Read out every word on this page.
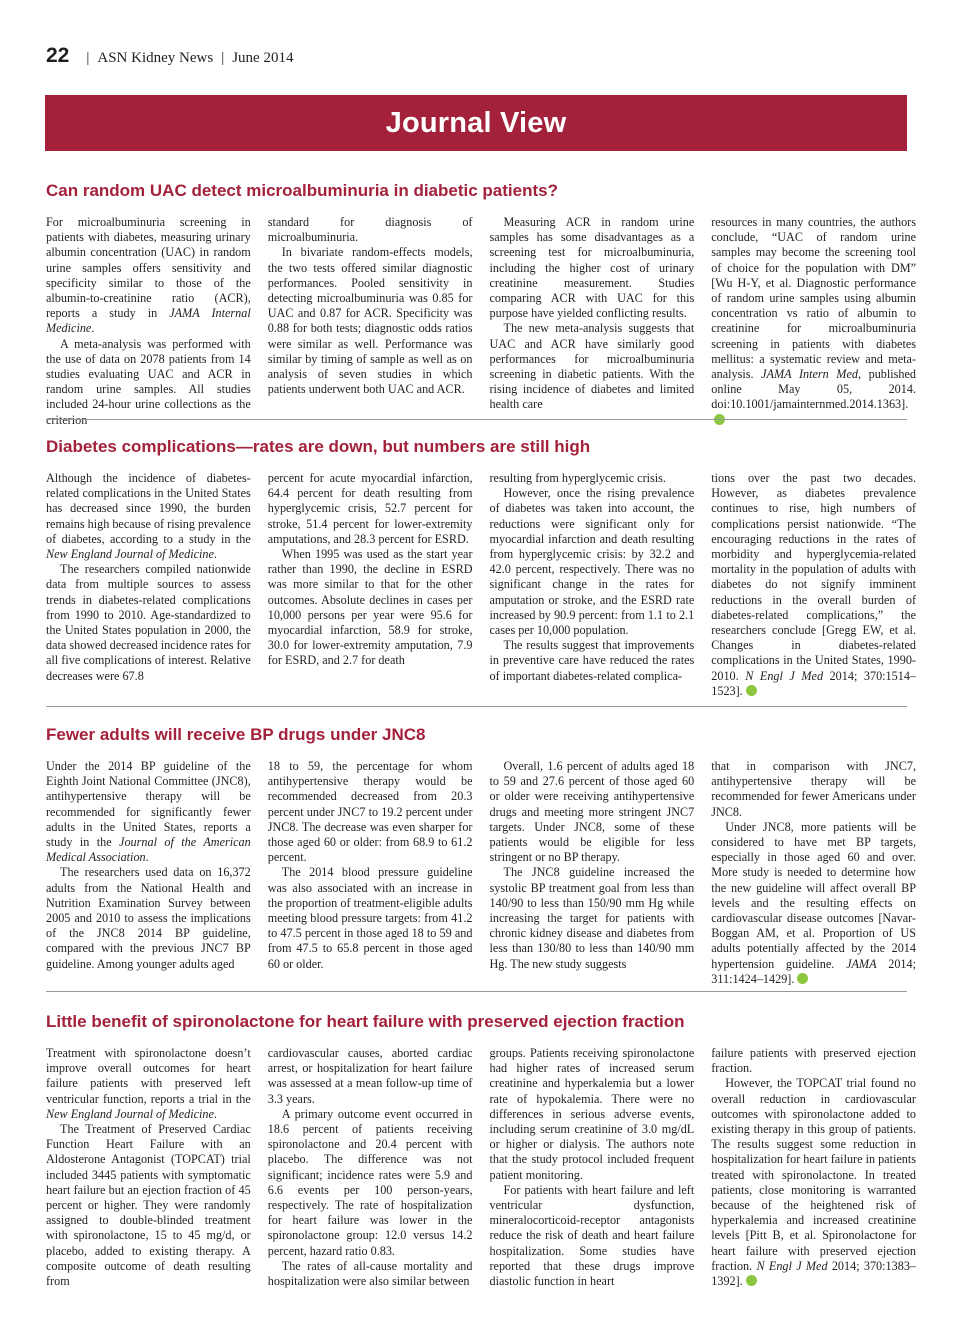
22 | ASN Kidney News | June 2014
Journal View
Can random UAC detect microalbuminuria in diabetic patients?

For microalbuminuria screening in patients with diabetes, measuring urinary albumin concentration (UAC) in random urine samples offers sensitivity and specificity similar to those of the albumin-to-creatinine ratio (ACR), reports a study in JAMA Internal Medicine.

A meta-analysis was performed with the use of data on 2078 patients from 14 studies evaluating UAC and ACR in random urine samples. All studies included 24-hour urine collections as the criterion

standard for diagnosis of microalbuminuria.

In bivariate random-effects models, the two tests offered similar diagnostic performances. Pooled sensitivity in detecting microalbuminuria was 0.85 for UAC and 0.87 for ACR. Specificity was 0.88 for both tests; diagnostic odds ratios were similar as well. Performance was similar by timing of sample as well as on analysis of seven studies in which patients underwent both UAC and ACR.

Measuring ACR in random urine samples has some disadvantages as a screening test for microalbuminuria, including the higher cost of urinary creatinine measurement. Studies comparing ACR with UAC for this purpose have yielded conflicting results.

The new meta-analysis suggests that UAC and ACR have similarly good performances for microalbuminuria screening in diabetic patients. With the rising incidence of diabetes and limited health care

resources in many countries, the authors conclude, “UAC of random urine samples may become the screening tool of choice for the population with DM” [Wu H-Y, et al. Diagnostic performance of random urine samples using albumin concentration vs ratio of albumin to creatinine for microalbuminuria screening in patients with diabetes mellitus: a systematic review and meta-analysis. JAMA Intern Med, published online May 05, 2014. doi:10.1001/jamainternmed.2014.1363].

Diabetes complications—rates are down, but numbers are still high

Although the incidence of diabetes-related complications in the United States has decreased since 1990, the burden remains high because of rising prevalence of diabetes, according to a study in the New England Journal of Medicine.

The researchers compiled nationwide data from multiple sources to assess trends in diabetes-related complications from 1990 to 2010. Age-standardized to the United States population in 2000, the data showed decreased incidence rates for all five complications of interest. Relative decreases were 67.8

percent for acute myocardial infarction, 64.4 percent for death resulting from hyperglycemic crisis, 52.7 percent for stroke, 51.4 percent for lower-extremity amputations, and 28.3 percent for ESRD.

When 1995 was used as the start year rather than 1990, the decline in ESRD was more similar to that for the other outcomes. Absolute declines in cases per 10,000 persons per year were 95.6 for myocardial infarction, 58.9 for stroke, 30.0 for lower-extremity amputation, 7.9 for ESRD, and 2.7 for death

resulting from hyperglycemic crisis.

However, once the rising prevalence of diabetes was taken into account, the reductions were significant only for myocardial infarction and death resulting from hyperglycemic crisis: by 32.2 and 42.0 percent, respectively. There was no significant change in the rates for amputation or stroke, and the ESRD rate increased by 90.9 percent: from 1.1 to 2.1 cases per 10,000 population.

The results suggest that improvements in preventive care have reduced the rates of important diabetes-related complica-

tions over the past two decades. However, as diabetes prevalence continues to rise, high numbers of complications persist nationwide. “The encouraging reductions in the rates of morbidity and hyperglycemia-related mortality in the population of adults with diabetes do not signify imminent reductions in the overall burden of diabetes-related complications,” the researchers conclude [Gregg EW, et al. Changes in diabetes-related complications in the United States, 1990-2010. N Engl J Med 2014; 370:1514–1523].

Fewer adults will receive BP drugs under JNC8

Under the 2014 BP guideline of the Eighth Joint National Committee (JNC8), antihypertensive therapy will be recommended for significantly fewer adults in the United States, reports a study in the Journal of the American Medical Association.

The researchers used data on 16,372 adults from the National Health and Nutrition Examination Survey between 2005 and 2010 to assess the implications of the JNC8 2014 BP guideline, compared with the previous JNC7 BP guideline. Among younger adults aged

18 to 59, the percentage for whom antihypertensive therapy would be recommended decreased from 20.3 percent under JNC7 to 19.2 percent under JNC8. The decrease was even sharper for those aged 60 or older: from 68.9 to 61.2 percent.

The 2014 blood pressure guideline was also associated with an increase in the proportion of treatment-eligible adults meeting blood pressure targets: from 41.2 to 47.5 percent in those aged 18 to 59 and from 47.5 to 65.8 percent in those aged 60 or older.

Overall, 1.6 percent of adults aged 18 to 59 and 27.6 percent of those aged 60 or older were receiving antihypertensive drugs and meeting more stringent JNC7 targets. Under JNC8, some of these patients would be eligible for less stringent or no BP therapy.

The JNC8 guideline increased the systolic BP treatment goal from less than 140/90 to less than 150/90 mm Hg while increasing the target for patients with chronic kidney disease and diabetes from less than 130/80 to less than 140/90 mm Hg. The new study suggests

that in comparison with JNC7, antihypertensive therapy will be recommended for fewer Americans under JNC8.

Under JNC8, more patients will be considered to have met BP targets, especially in those aged 60 and over. More study is needed to determine how the new guideline will affect overall BP levels and the resulting effects on cardiovascular disease outcomes [Navar-Boggan AM, et al. Proportion of US adults potentially affected by the 2014 hypertension guideline. JAMA 2014; 311:1424–1429].

Little benefit of spironolactone for heart failure with preserved ejection fraction

Treatment with spironolactone doesn’t improve overall outcomes for heart failure patients with preserved left ventricular function, reports a trial in the New England Journal of Medicine.

The Treatment of Preserved Cardiac Function Heart Failure with an Aldosterone Antagonist (TOPCAT) trial included 3445 patients with symptomatic heart failure but an ejection fraction of 45 percent or higher. They were randomly assigned to double-blinded treatment with spironolactone, 15 to 45 mg/d, or placebo, added to existing therapy. A composite outcome of death resulting from

cardiovascular causes, aborted cardiac arrest, or hospitalization for heart failure was assessed at a mean follow-up time of 3.3 years.

A primary outcome event occurred in 18.6 percent of patients receiving spironolactone and 20.4 percent with placebo. The difference was not significant; incidence rates were 5.9 and 6.6 events per 100 person-years, respectively. The rate of hospitalization for heart failure was lower in the spironolactone group: 12.0 versus 14.2 percent, hazard ratio 0.83.

The rates of all-cause mortality and hospitalization were also similar between

groups. Patients receiving spironolactone had higher rates of increased serum creatinine and hyperkalemia but a lower rate of hypokalemia. There were no differences in serious adverse events, including serum creatinine of 3.0 mg/dL or higher or dialysis. The authors note that the study protocol included frequent patient monitoring.

For patients with heart failure and left ventricular dysfunction, mineralocorticoid-receptor antagonists reduce the risk of death and heart failure hospitalization. Some studies have reported that these drugs improve diastolic function in heart

failure patients with preserved ejection fraction.

However, the TOPCAT trial found no overall reduction in cardiovascular outcomes with spironolactone added to existing therapy in this group of patients. The results suggest some reduction in hospitalization for heart failure in patients treated with spironolactone. In treated patients, close monitoring is warranted because of the heightened risk of hyperkalemia and increased creatinine levels [Pitt B, et al. Spironolactone for heart failure with preserved ejection fraction. N Engl J Med 2014; 370:1383–1392].
